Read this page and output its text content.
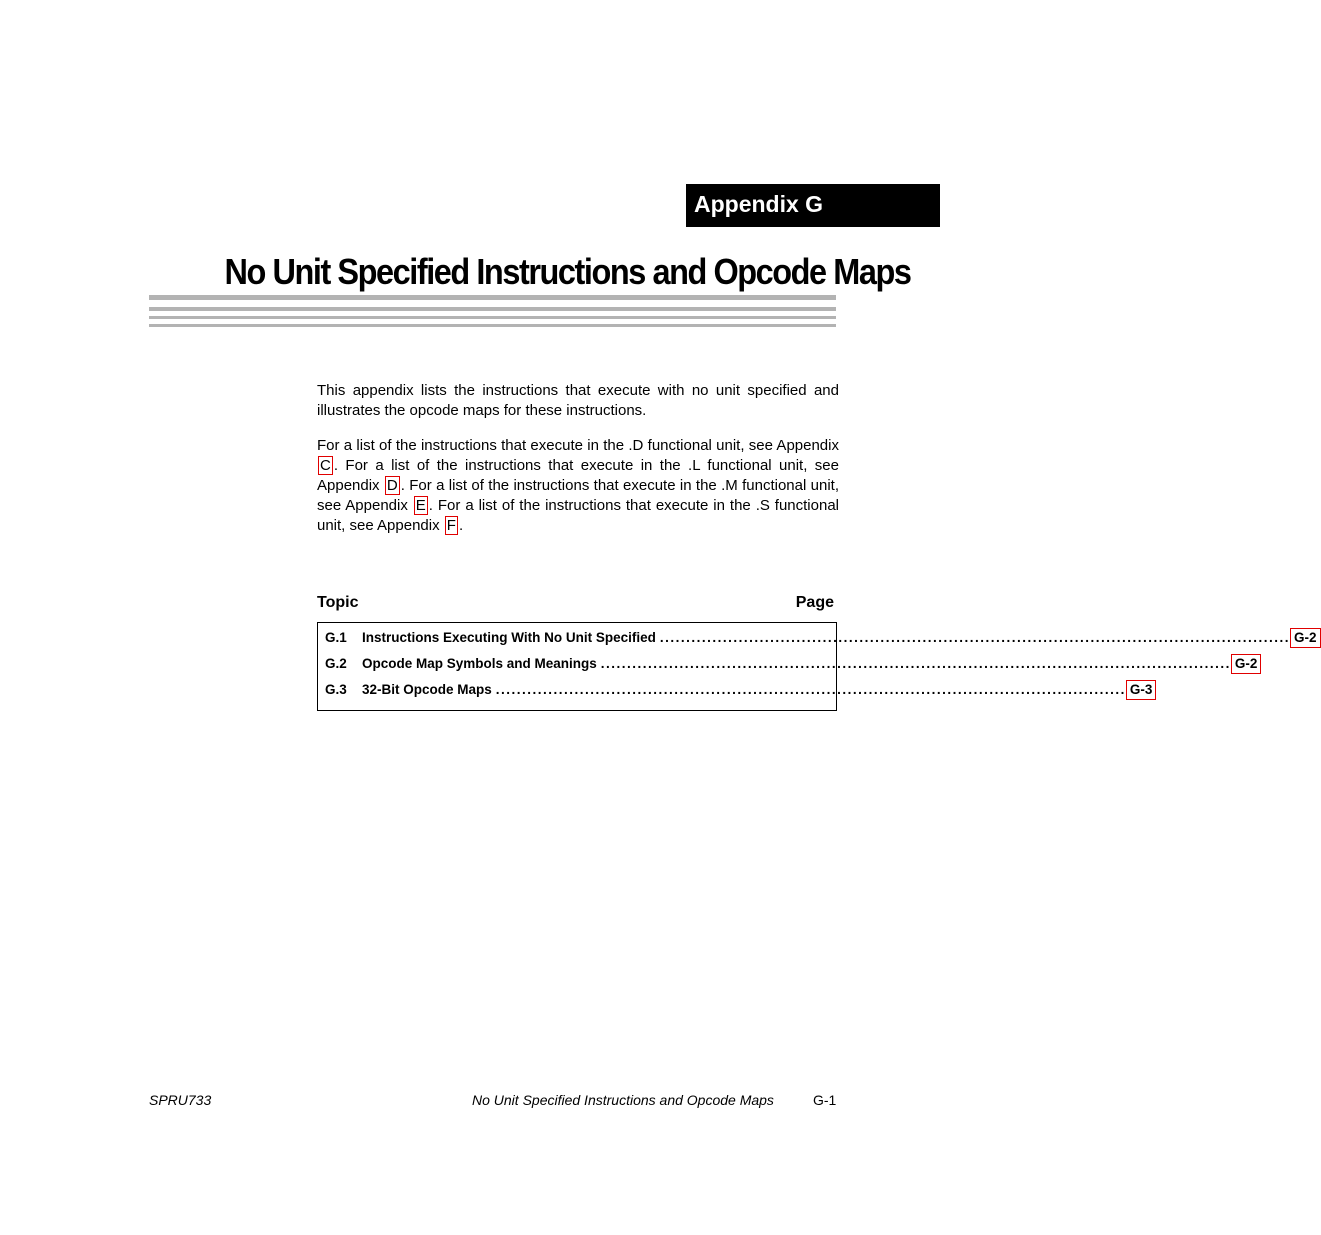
Appendix G
No Unit Specified Instructions and Opcode Maps

This appendix lists the instructions that execute with no unit specified and illustrates the opcode maps for these instructions.

For a list of the instructions that execute in the .D functional unit, see Appendix C . For a list of the instructions that execute in the .L functional unit, see Appendix D . For a list of the instructions that execute in the .M functional unit, see Appendix E . For a list of the instructions that execute in the .S functional unit, see Appendix F .

Topic	Page
G.1	Instructions Executing With No Unit Specified ........................................................................................................................ G-2
G.2	Opcode Map Symbols and Meanings ........................................................................................................................ G-2
G.3	32-Bit Opcode Maps ........................................................................................................................ G-3
SPRU733	No Unit Specified Instructions and Opcode Maps	G-1
